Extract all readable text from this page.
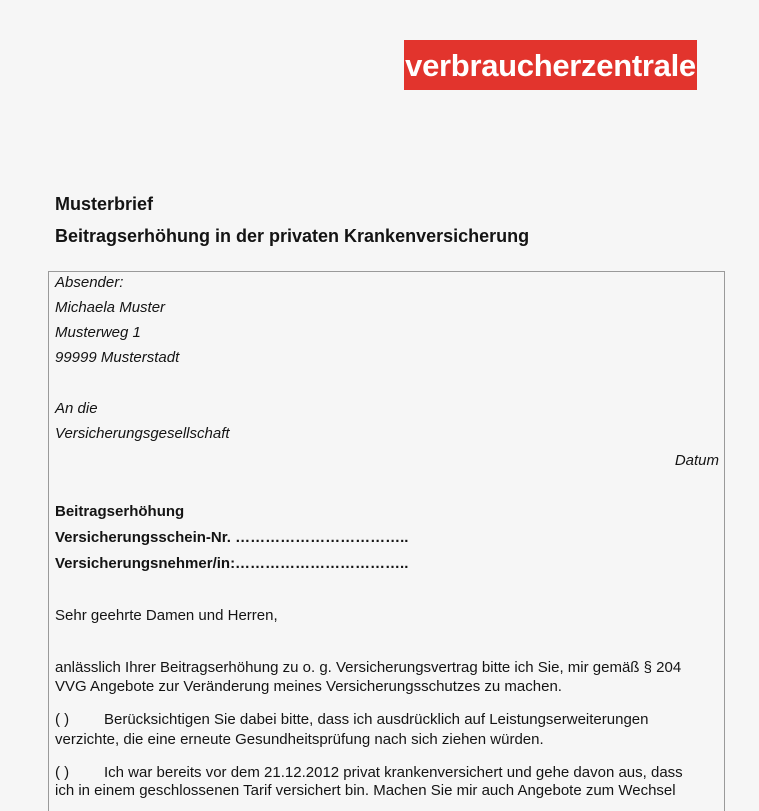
verbraucherzentrale
Musterbrief
Beitragserhöhung in der privaten Krankenversicherung
Absender:
Michaela Muster
Musterweg 1
99999 Musterstadt
An die
Versicherungsgesellschaft
Datum
Beitragserhöhung
Versicherungsschein-Nr. ……………………………..
Versicherungsnehmer/in:……………………………..
Sehr geehrte Damen und Herren,
anlässlich Ihrer Beitragserhöhung zu o. g. Versicherungsvertrag bitte ich Sie, mir gemäß § 204
VVG Angebote zur Veränderung meines Versicherungsschutzes zu machen.
( ) Berücksichtigen Sie dabei bitte, dass ich ausdrücklich auf Leistungserweiterungen
verzichte, die eine erneute Gesundheitsprüfung nach sich ziehen würden.
( ) Ich war bereits vor dem 21.12.2012 privat krankenversichert und gehe davon aus, dass
ich in einem geschlossenen Tarif versichert bin. Machen Sie mir auch Angebote zum Wechsel
